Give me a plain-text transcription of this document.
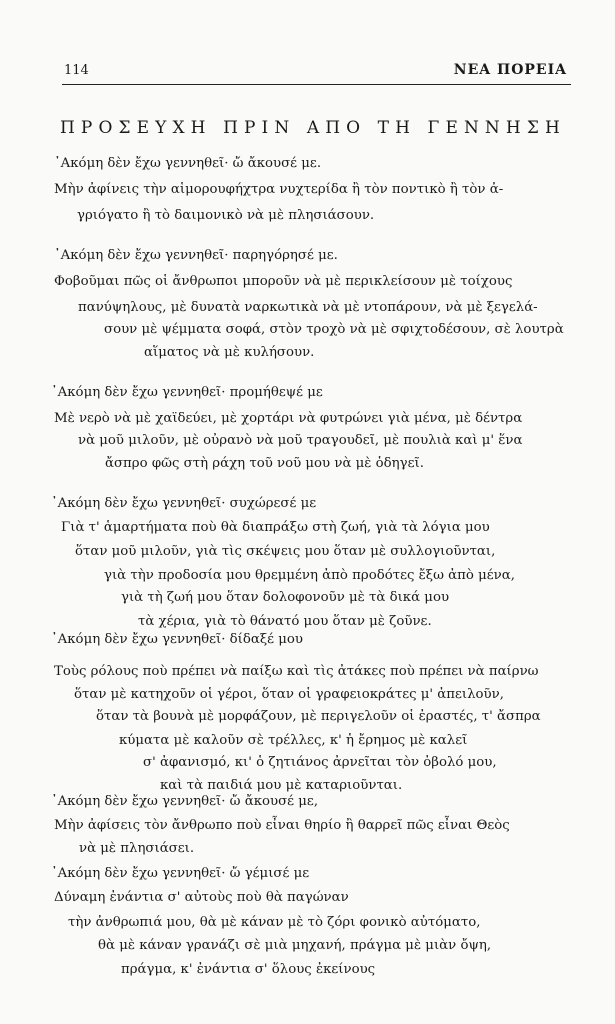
114	ΝΕΑ ΠΟΡΕΙΑ
ΠΡΟΣΕΥΧΗ ΠΡΙΝ ΑΠΟ ΤΗ ΓΕΝΝΗΣΗ
᾿Ακόμη δὲν ἔχω γεννηθεῖ· ὤ ἄκουσέ με.
Μὴν ἀφίνεις τὴν αἱμορουφήχτρα νυχτερίδα ἢ τὸν ποντικὸ ἢ τὸν ἀ-
γριόγατο ἢ τὸ δαιμονικὸ νὰ μὲ πλησιάσουν.
᾿Ακόμη δὲν ἔχω γεννηθεῖ· παρηγόρησέ με.
Φοβοῦμαι πῶς οἱ ἄνθρωποι μποροῦν νὰ μὲ περικλείσουν μὲ τοίχους
πανύψηλους, μὲ δυνατὰ ναρκωτικὰ νὰ μὲ ντοπάρουν, νὰ μὲ ξεγελά-
σουν μὲ ψέμματα σοφά, στὸν τροχὸ νὰ μὲ σφιχτοδέσουν, σὲ λουτρὰ
αἵματος νὰ μὲ κυλήσουν.
᾿Ακόμη δὲν ἔχω γεννηθεῖ· προμήθεψέ με
Μὲ νερὸ νὰ μὲ χαϊδεύει, μὲ χορτάρι νὰ φυτρώνει γιὰ μένα, μὲ δέντρα
νὰ μοῦ μιλοῦν, μὲ οὐρανὸ νὰ μοῦ τραγουδεῖ, μὲ πουλιὰ καὶ μ' ἕνα
ἄσπρο φῶς στὴ ράχη τοῦ νοῦ μου νὰ μὲ ὁδηγεῖ.
᾿Ακόμη δὲν ἔχω γεννηθεῖ· συχώρεσέ με
Γιὰ τ' ἁμαρτήματα ποὺ θὰ διαπράξω στὴ ζωή, γιὰ τὰ λόγια μου
ὅταν μοῦ μιλοῦν, γιὰ τὶς σκέψεις μου ὅταν μὲ συλλογιοῦνται,
γιὰ τὴν προδοσία μου θρεμμένη ἀπὸ προδότες ἔξω ἀπὸ μένα,
γιὰ τὴ ζωή μου ὅταν δολοφονοῦν μὲ τὰ δικά μου
τὰ χέρια, γιὰ τὸ θάνατό μου ὅταν μὲ ζοῦνε.
᾿Ακόμη δὲν ἔχω γεννηθεῖ· δίδαξέ μου
Τοὺς ρόλους ποὺ πρέπει νὰ παίξω καὶ τὶς ἀτάκες ποὺ πρέπει νὰ παίρνω
ὅταν μὲ κατηχοῦν οἱ γέροι, ὅταν οἱ γραφειοκράτες μ' ἀπειλοῦν,
ὅταν τὰ βουνὰ μὲ μορφάζουν, μὲ περιγελοῦν οἱ ἐραστές, τ' ἄσπρα
κύματα μὲ καλοῦν σὲ τρέλλες, κ' ἡ ἔρημος μὲ καλεῖ
σ' ἀφανισμό, κι' ὁ ζητιάνος ἀρνεῖται τὸν ὀβολό μου,
καὶ τὰ παιδιά μου μὲ καταριοῦνται.
᾿Ακόμη δὲν ἔχω γεννηθεῖ· ὤ ἄκουσέ με,
Μὴν ἀφίσεις τὸν ἄνθρωπο ποὺ εἶναι θηρίο ἢ θαρρεῖ πῶς εἶναι Θεὸς
νὰ μὲ πλησιάσει.
᾿Ακόμη δὲν ἔχω γεννηθεῖ· ὤ γέμισέ με
Δύναμη ἐνάντια σ' αὐτοὺς ποὺ θὰ παγώναν
τὴν ἀνθρωπιά μου, θὰ μὲ κάναν μὲ τὸ ζόρι φονικὸ αὐτόματο,
θὰ μὲ κάναν γρανάζι σὲ μιὰ μηχανή, πράγμα μὲ μιὰν ὄψη,
πράγμα, κ' ἐνάντια σ' ὅλους ἐκείνους
